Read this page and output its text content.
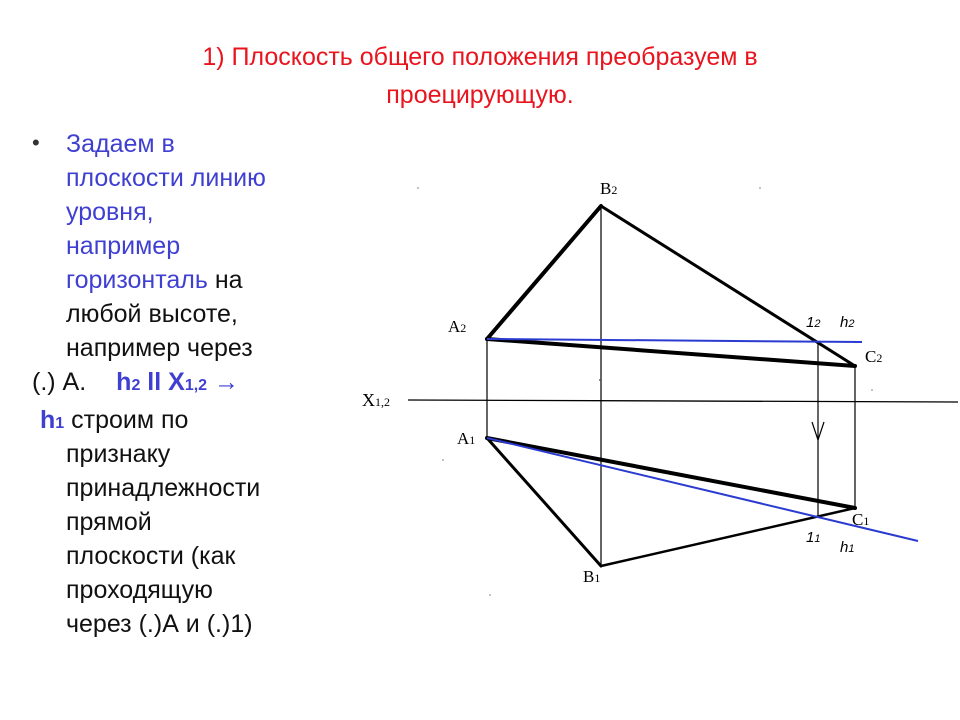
1) Плоскость общего положения преобразуем в
проецирующую.
• Задаем в
плоскости линию
уровня,
например
горизонталь на
любой высоте,
например через
(.) А. h2 ll X1,2 →
h1 строим по
признаку
принадлежности
прямой
плоскости (как
проходящую
через (.)А и (.)1)
B2
A2
C2
X1,2
A1
C1
B1
12 h2
11 h1
